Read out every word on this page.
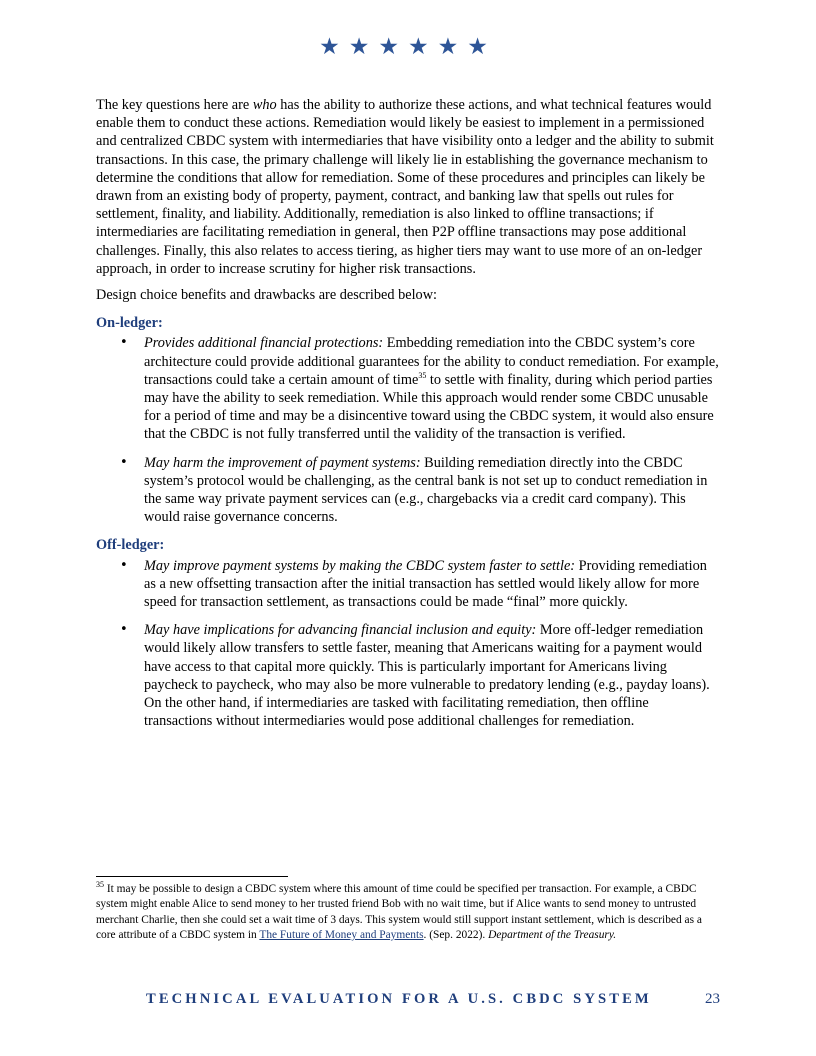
★★★★★★

The key questions here are who has the ability to authorize these actions, and what technical features would enable them to conduct these actions. Remediation would likely be easiest to implement in a permissioned and centralized CBDC system with intermediaries that have visibility onto a ledger and the ability to submit transactions. In this case, the primary challenge will likely lie in establishing the governance mechanism to determine the conditions that allow for remediation. Some of these procedures and principles can likely be drawn from an existing body of property, payment, contract, and banking law that spells out rules for settlement, finality, and liability. Additionally, remediation is also linked to offline transactions; if intermediaries are facilitating remediation in general, then P2P offline transactions may pose additional challenges. Finally, this also relates to access tiering, as higher tiers may want to use more of an on-ledger approach, in order to increase scrutiny for higher risk transactions.

Design choice benefits and drawbacks are described below:

On-ledger:
• Provides additional financial protections: Embedding remediation into the CBDC system’s core architecture could provide additional guarantees for the ability to conduct remediation. For example, transactions could take a certain amount of time$^{35}$ to settle with finality, during which period parties may have the ability to seek remediation. While this approach would render some CBDC unusable for a period of time and may be a disincentive toward using the CBDC system, it would also ensure that the CBDC is not fully transferred until the validity of the transaction is verified.
• May harm the improvement of payment systems: Building remediation directly into the CBDC system’s protocol would be challenging, as the central bank is not set up to conduct remediation in the same way private payment services can (e.g., chargebacks via a credit card company). This would raise governance concerns.
Off-ledger:
• May improve payment systems by making the CBDC system faster to settle: Providing remediation as a new offsetting transaction after the initial transaction has settled would likely allow for more speed for transaction settlement, as transactions could be made “final” more quickly.
• May have implications for advancing financial inclusion and equity: More off-ledger remediation would likely allow transfers to settle faster, meaning that Americans waiting for a payment would have access to that capital more quickly. This is particularly important for Americans living paycheck to paycheck, who may also be more vulnerable to predatory lending (e.g., payday loans). On the other hand, if intermediaries are tasked with facilitating remediation, then offline transactions without intermediaries would pose additional challenges for remediation.
$^{35}$ It may be possible to design a CBDC system where this amount of time could be specified per transaction. For example, a CBDC system might enable Alice to send money to her trusted friend Bob with no wait time, but if Alice wants to send money to untrusted merchant Charlie, then she could set a wait time of 3 days. This system would still support instant settlement, which is described as a core attribute of a CBDC system in The Future of Money and Payments. (Sep. 2022). Department of the Treasury.
TECHNICAL EVALUATION FOR A U.S. CBDC SYSTEM	23
